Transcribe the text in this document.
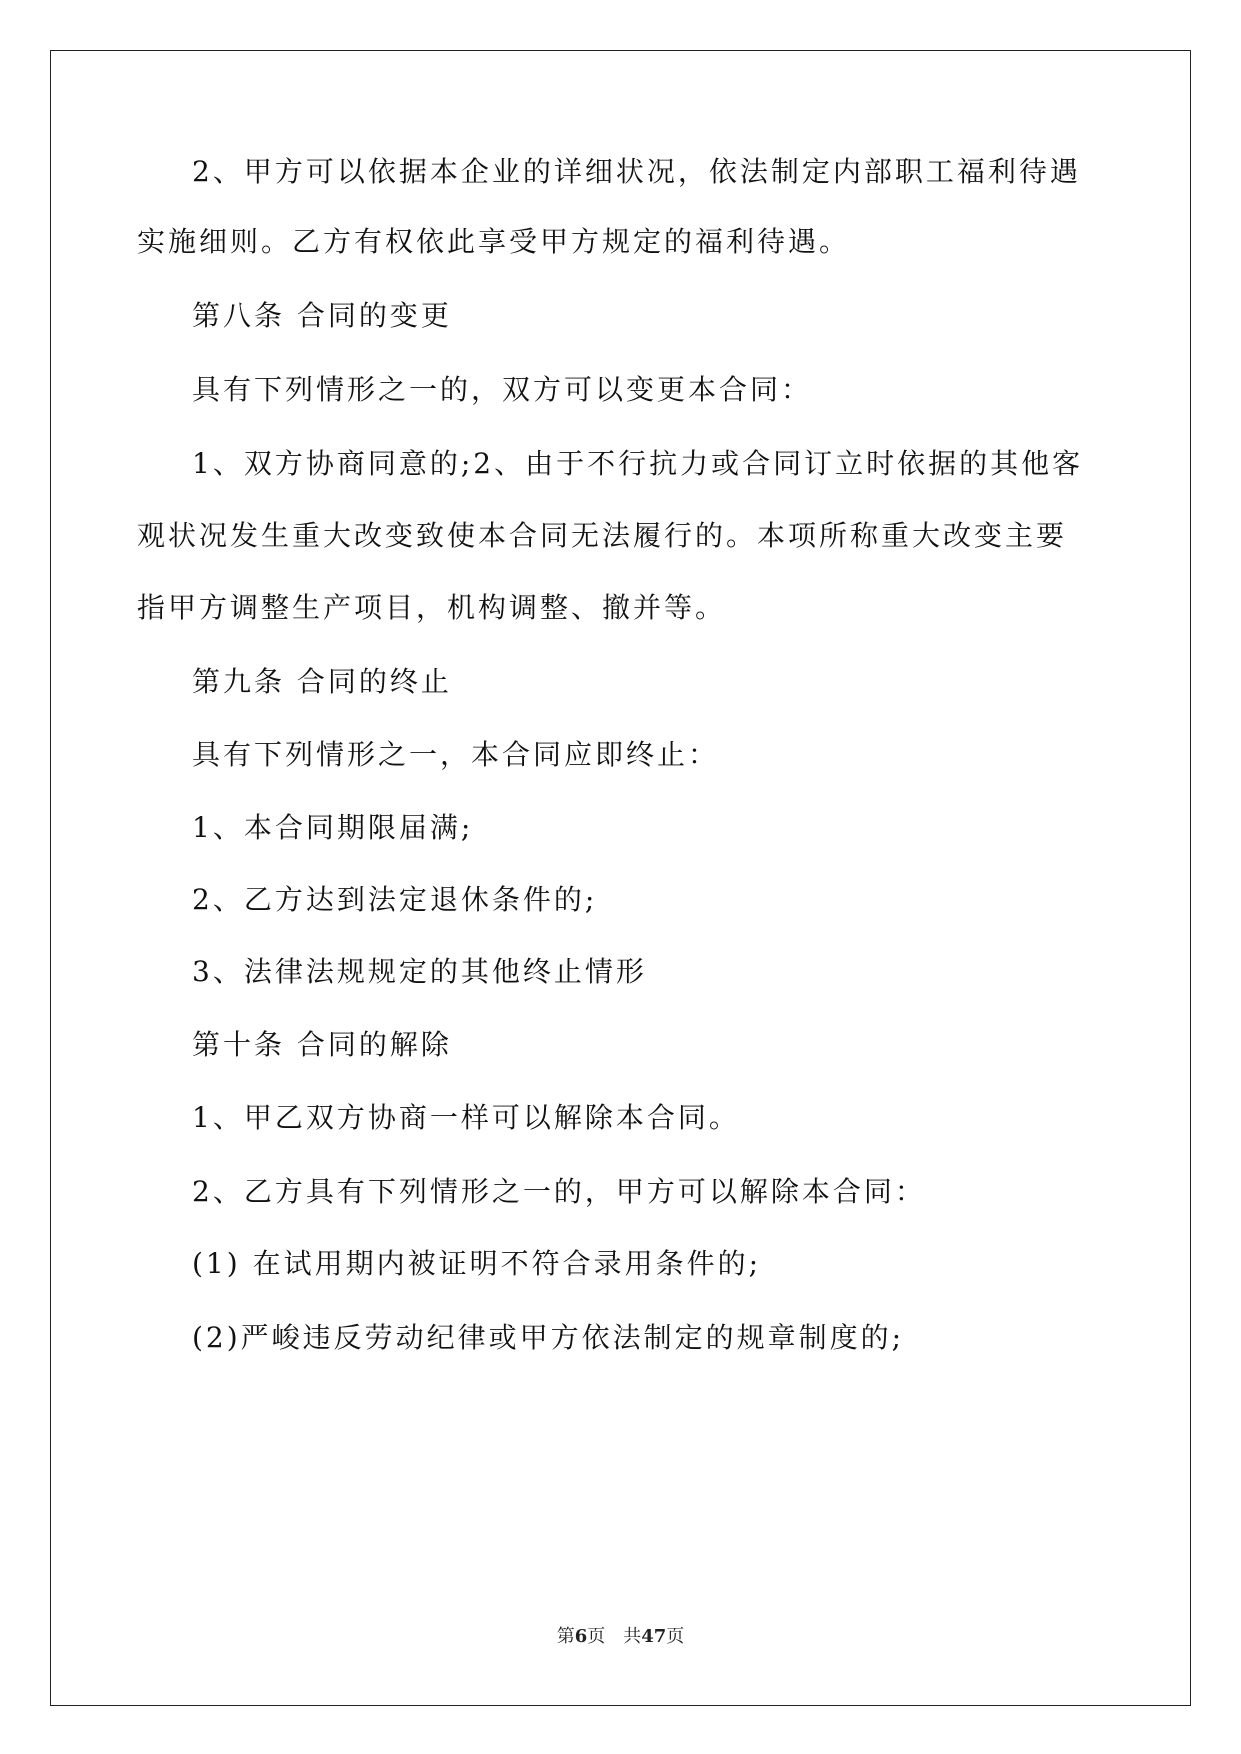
2、甲方可以依据本企业的详细状况，依法制定内部职工福利待遇
实施细则。乙方有权依此享受甲方规定的福利待遇。
第八条 合同的变更
具有下列情形之一的，双方可以变更本合同：
1、双方协商同意的;2、由于不行抗力或合同订立时依据的其他客
观状况发生重大改变致使本合同无法履行的。本项所称重大改变主要
指甲方调整生产项目，机构调整、撤并等。
第九条 合同的终止
具有下列情形之一，本合同应即终止：
1、本合同期限届满;
2、乙方达到法定退休条件的;
3、法律法规规定的其他终止情形
第十条 合同的解除
1、甲乙双方协商一样可以解除本合同。
2、乙方具有下列情形之一的，甲方可以解除本合同：
(1) 在试用期内被证明不符合录用条件的;
(2)严峻违反劳动纪律或甲方依法制定的规章制度的;
第6页 共47页
